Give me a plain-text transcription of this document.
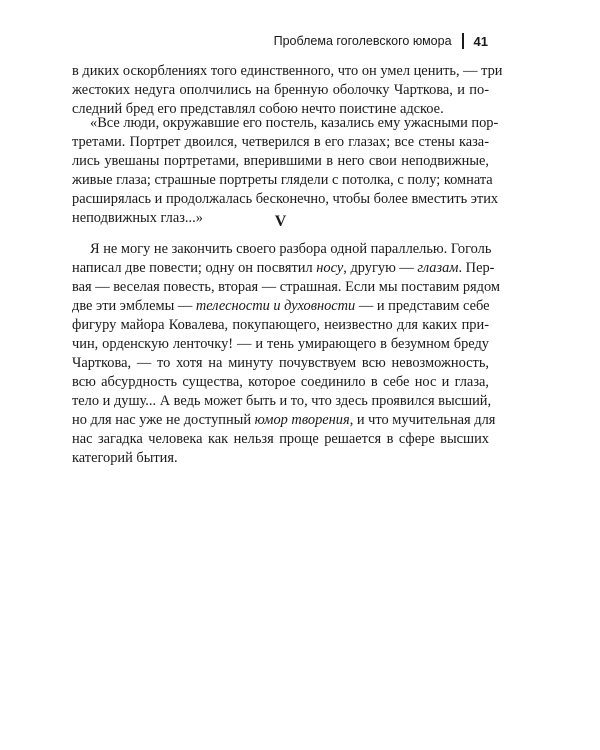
Проблема гоголевского юмора 41
в диких оскорблениях того единственного, что он умел ценить, — три
жестоких недуга ополчились на бренную оболочку Чарткова, и по-
следний бред его представлял собою нечто поистине адское.
«Все люди, окружавшие его постель, казались ему ужасными пор-
третами. Портрет двоился, четверился в его глазах; все стены каза-
лись увешаны портретами, вперившими в него свои неподвижные,
живые глаза; страшные портреты глядели с потолка, с полу; комната
расширялась и продолжалась бесконечно, чтобы более вместить этих
неподвижных глаз...»	V
Я не могу не закончить своего разбора одной параллелью. Гоголь
написал две повести; одну он посвятил носу, другую — глазам. Пер-
вая — веселая повесть, вторая — страшная. Если мы поставим рядом
две эти эмблемы — телесности и духовности — и представим себе
фигуру майора Ковалева, покупающего, неизвестно для каких при-
чин, орденскую ленточку! — и тень умирающего в безумном бреду
Чарткова, — то хотя на минуту почувствуем всю невозможность,
всю абсурдность существа, которое соединило в себе нос и глаза,
тело и душу... А ведь может быть и то, что здесь проявился высший,
но для нас уже не доступный юмор творения, и что мучительная для
нас загадка человека как нельзя проще решается в сфере высших
категорий бытия.
